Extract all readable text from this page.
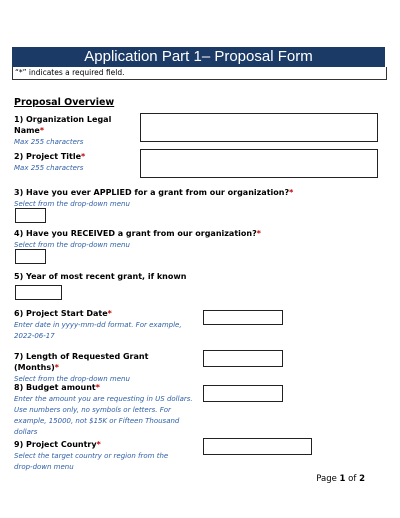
Application Part 1– Proposal Form
“*” indicates a required field.
Proposal Overview
1) Organization Legal Name*
Max 255 characters
2) Project Title*
Max 255 characters
3) Have you ever APPLIED for a grant from our organization?*
Select from the drop-down menu
4) Have you RECEIVED a grant from our organization?*
Select from the drop-down menu
5) Year of most recent grant, if known
6) Project Start Date*
Enter date in yyyy-mm-dd format. For example, 2022-06-17
7) Length of Requested Grant (Months)*
Select from the drop-down menu
8) Budget amount*
Enter the amount you are requesting in US dollars. Use numbers only, no symbols or letters. For example, 15000, not $15K or Fifteen Thousand dollars
9) Project Country*
Select the target country or region from the drop-down menu
Page 1 of 2
